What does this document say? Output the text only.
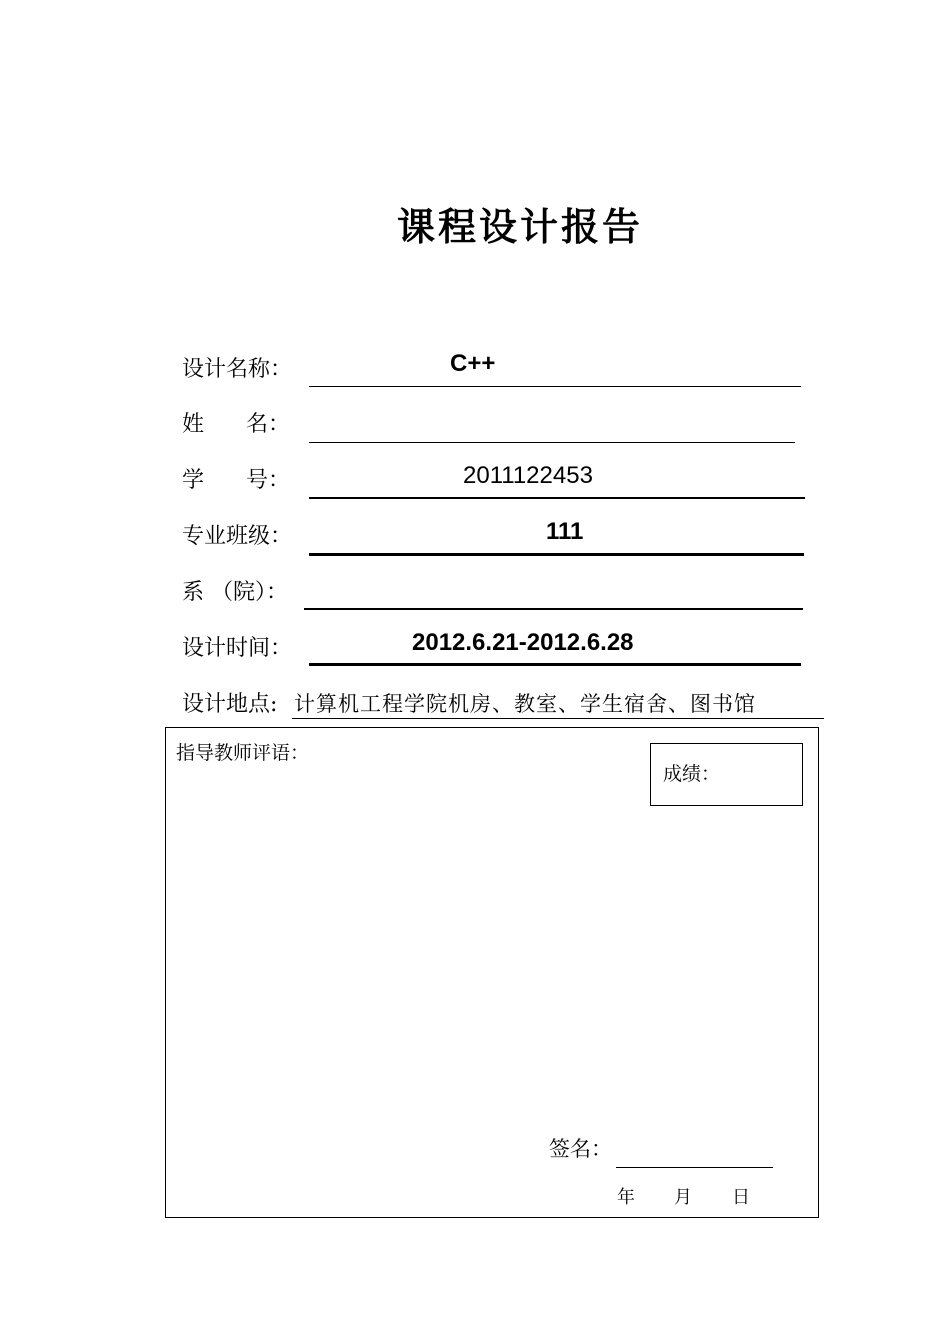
课程设计报告
设计名称：	C++
姓      名：
学      号：	2011122453
专业班级：	111
系 （院）：
设计时间：	2012.6.21-2012.6.28
设计地点: 计算机工程学院机房、教室、学生宿舍、图书馆
指导教师评语：
成绩：
签名：
年 月 日
